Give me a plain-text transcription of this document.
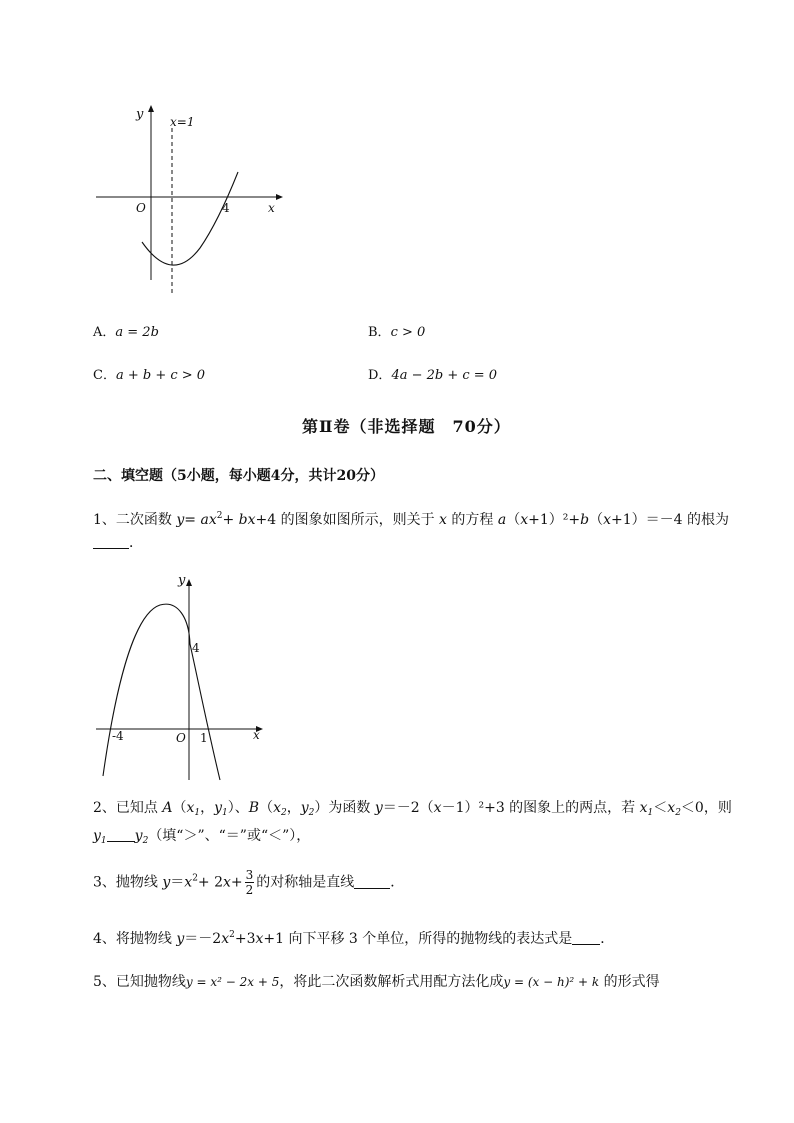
y x=1
O	4	x
A．a = 2b	B．c > 0
C．a + b + c > 0	D．4a − 2b + c = 0
第Ⅱ卷（非选择题　70分）
二、填空题（5小题，每小题4分，共计20分）
1、二次函数 $y= ax^2+ bx+4$ 的图象如图所示，则关于 x 的方程 a（x+1）²+b（x+1）＝－4 的根为
．
y
4
-4	O 1	x
2、已知点 $A(x_1$，$y_1$）、$B(x_2$，$y_2$）为函数 y＝－2（x－1）²+3 的图象上的两点，若 $x_1<x_2<0$，则
$y_1$ $y_2$（填“＞”、“＝”或“＜”），
3、抛物线 $y=x^2+ 2x+ \frac{3}{2}$ 的对称轴是直线	．
4、将抛物线 $y=-2x^2+3x+1$ 向下平移 3 个单位，所得的抛物线的表达式是 ．
5、已知抛物线y = x² − 2x + 5，将此二次函数解析式用配方法化成y = (x − h)² + k 的形式得
